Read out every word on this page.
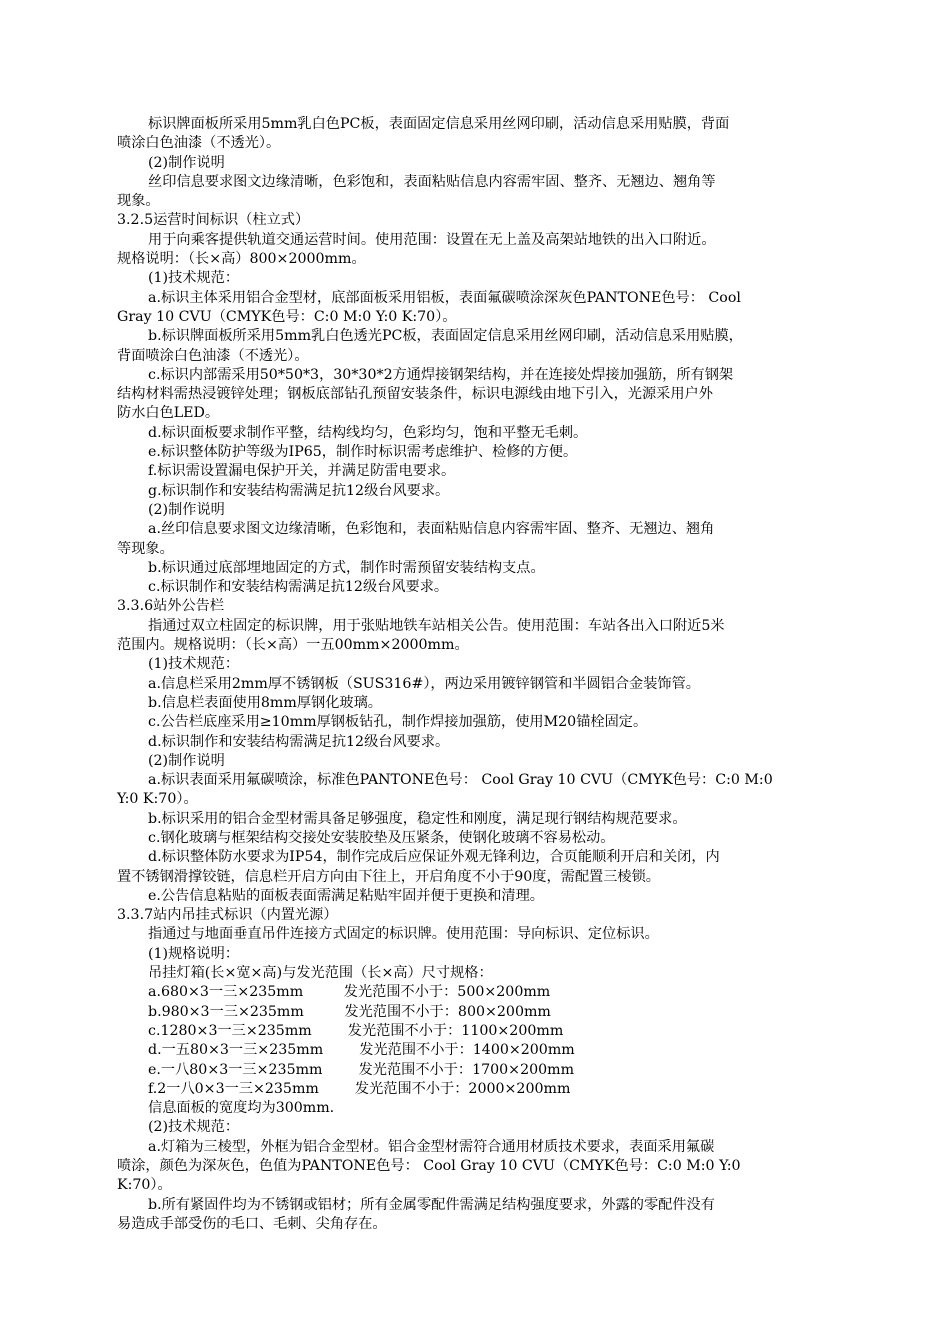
标识牌面板所采用5mm乳白色PC板，表面固定信息采用丝网印刷，活动信息采用贴膜，背面
喷涂白色油漆（不透光）。
(2)制作说明
丝印信息要求图文边缘清晰，色彩饱和，表面粘贴信息内容需牢固、整齐、无翘边、翘角等
现象。
3.2.5运营时间标识（柱立式）
用于向乘客提供轨道交通运营时间。使用范围：设置在无上盖及高架站地铁的出入口附近。
规格说明：（长×高）800×2000mm。
(1)技术规范：
a.标识主体采用铝合金型材，底部面板采用铝板，表面氟碳喷涂深灰色PANTONE色号： Cool
Gray 10 CVU（CMYK色号：C:0 M:0 Y:0 K:70）。
b.标识牌面板所采用5mm乳白色透光PC板，表面固定信息采用丝网印刷，活动信息采用贴膜，
背面喷涂白色油漆（不透光）。
c.标识内部需采用50*50*3，30*30*2方通焊接钢架结构，并在连接处焊接加强筋，所有钢架
结构材料需热浸镀锌处理；钢板底部钻孔预留安装条件，标识电源线由地下引入，光源采用户外
防水白色LED。
d.标识面板要求制作平整，结构线均匀，色彩均匀，饱和平整无毛刺。
e.标识整体防护等级为IP65，制作时标识需考虑维护、检修的方便。
f.标识需设置漏电保护开关，并满足防雷电要求。
g.标识制作和安装结构需满足抗12级台风要求。
(2)制作说明
a.丝印信息要求图文边缘清晰，色彩饱和，表面粘贴信息内容需牢固、整齐、无翘边、翘角
等现象。
b.标识通过底部埋地固定的方式，制作时需预留安装结构支点。
c.标识制作和安装结构需满足抗12级台风要求。
3.3.6站外公告栏
指通过双立柱固定的标识牌，用于张贴地铁车站相关公告。使用范围：车站各出入口附近5米
范围内。规格说明：（长×高）一五00mm×2000mm。
(1)技术规范：
a.信息栏采用2mm厚不锈钢板（SUS316#），两边采用镀锌钢管和半圆铝合金装饰管。
b.信息栏表面使用8mm厚钢化玻璃。
c.公告栏底座采用≥10mm厚钢板钻孔，制作焊接加强筋，使用M20锚栓固定。
d.标识制作和安装结构需满足抗12级台风要求。
(2)制作说明
a.标识表面采用氟碳喷涂，标准色PANTONE色号： Cool Gray 10 CVU（CMYK色号：C:0 M:0
Y:0 K:70）。
b.标识采用的铝合金型材需具备足够强度，稳定性和刚度，满足现行钢结构规范要求。
c.钢化玻璃与框架结构交接处安装胶垫及压紧条，使钢化玻璃不容易松动。
d.标识整体防水要求为IP54，制作完成后应保证外观无锋利边，合页能顺利开启和关闭，内
置不锈钢滑撑铰链，信息栏开启方向由下往上，开启角度不小于90度，需配置三棱锁。
e.公告信息粘贴的面板表面需满足粘贴牢固并便于更换和清理。
3.3.7站内吊挂式标识（内置光源）
指通过与地面垂直吊件连接方式固定的标识牌。使用范围：导向标识、定位标识。
(1)规格说明：
吊挂灯箱(长×宽×高)与发光范围（长×高）尺寸规格：
a.680×3一三×235mm         发光范围不小于：500×200mm
b.980×3一三×235mm         发光范围不小于：800×200mm
c.1280×3一三×235mm        发光范围不小于：1100×200mm
d.一五80×3一三×235mm        发光范围不小于：1400×200mm
e.一八80×3一三×235mm        发光范围不小于：1700×200mm
f.2一八0×3一三×235mm        发光范围不小于：2000×200mm
信息面板的宽度均为300mm.
(2)技术规范：
a.灯箱为三棱型，外框为铝合金型材。铝合金型材需符合通用材质技术要求，表面采用氟碳
喷涂，颜色为深灰色，色值为PANTONE色号： Cool Gray 10 CVU（CMYK色号：C:0 M:0 Y:0
K:70）。
b.所有紧固件均为不锈钢或铝材；所有金属零配件需满足结构强度要求，外露的零配件没有
易造成手部受伤的毛口、毛刺、尖角存在。
